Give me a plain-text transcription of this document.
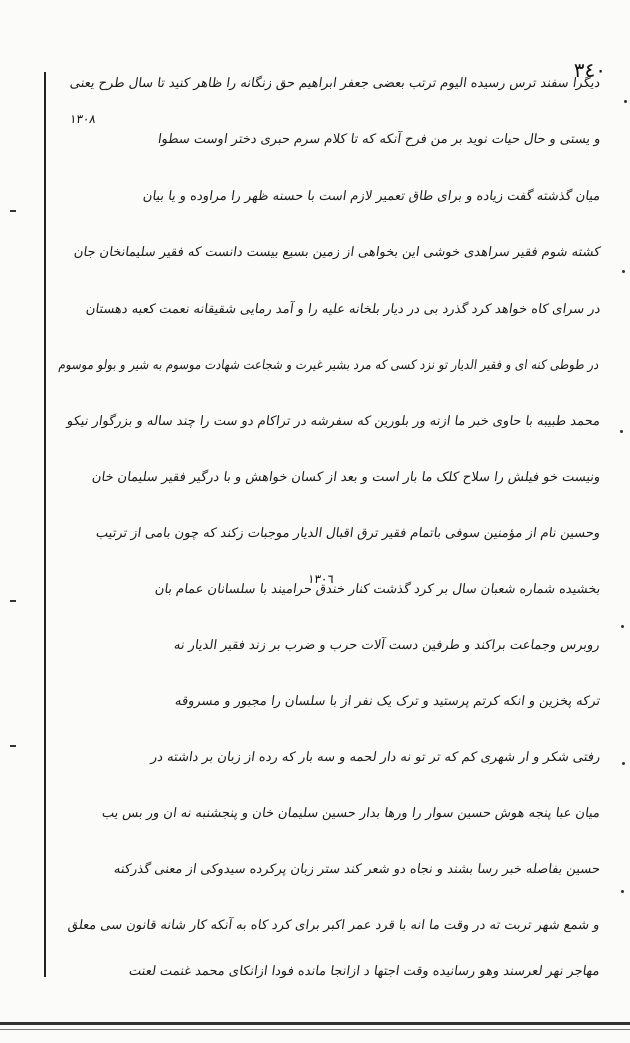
٣٤٠
١٣٠٨
١٣٠٦
دیگرا سفند ترس رسیده الیوم ترتب بعضی جعفر ابراهیم حق زنگانه را ظاهر کنید تا سال طرح یعنی
و یستی و حال حیات نوید بر من فرح آنکه که تا کلام سرم حبری دختر اوست سطوا
میان گذشته گفت زیاده و برای طاق تعمیر لازم است با حسنه ظهر را مراوده و یا بیان
کشته شوم فقیر سراهدی خوشی این بخواهی از زمین بسیع بیست دانست که فقیر سلیمانخان جان
در سرای کاه خواهد کرد گذرد بی در دیار بلخانه علیه را و آمد رمایی شقیقانه نعمت کعبه دهستان
در طوطی کنه ای و فقیر الدیار تو نزد کسی که مرد بشیر غیرت و شجاعت شهادت موسوم به شیر و بولو موسوم
محمد طبیبه با حاوی خبر ما ازنه ور بلورین که سفرشه در تراکام دو ست را چند ساله و بزرگوار نیکو
ونیست خو فیلش را سلاح کلک ما بار است و بعد از کسان خواهش و با درگیر فقیر سلیمان خان
وحسین نام از مؤمنین سوفی باتمام فقیر ترق اقبال الدیار موجبات زکند که چون بامی از ترتیب
بخشیده شماره شعبان سال بر کرد گذشت کنار خندق حرامیند با سلسانان عمام بان
روبرس وجماعت براکند و طرفین دست آلات حرب و ضرب بر زند فقیر الدیار نه
ترکه پخزین و انکه کرتم پرستید و ترک یک نفر از با سلسان را مجبور و مسروقه
رفتی شکر و ار شهری کم که تر تو نه دار لحمه و سه بار که رده از زبان بر داشته در
میان عبا پنجه هوش حسین سوار را ورها بدار حسین سلیمان خان و پنجشنبه نه ان ور بس یب
حسین بفاصله خبر رسا بشند و نجاه دو شعر کند ستر زبان پرکرده سیدوکی از معنی گذرکنه
و شمع شهر تربت ته در وقت ما انه با قرد عمر اکبر برای کرد کاه به آنکه کار شانه قانون سی معلق
مهاجر نهر لعرسند وهو رسانیده وقت اجتها د ازانجا مانده فودا ازانکای محمد غنمت لعنت
